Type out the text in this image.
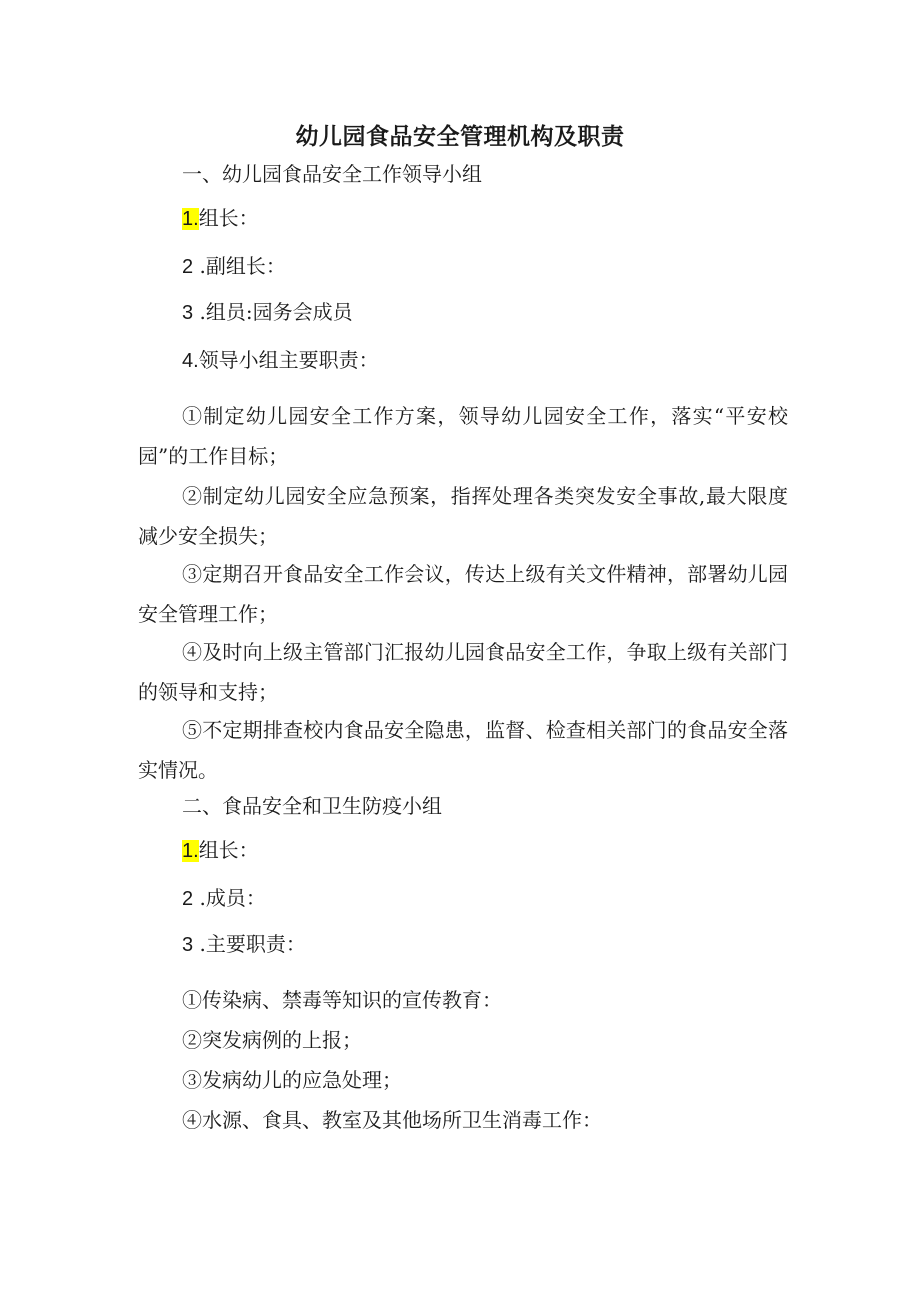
幼儿园食品安全管理机构及职责
一、幼儿园食品安全工作领导小组
1.组长：
2 .副组长：
3 .组员:园务会成员
4.领导小组主要职责：
①制定幼儿园安全工作方案，领导幼儿园安全工作，落实“平安校园”的工作目标；
②制定幼儿园安全应急预案，指挥处理各类突发安全事故,最大限度减少安全损失；
③定期召开食品安全工作会议，传达上级有关文件精神，部署幼儿园安全管理工作；
④及时向上级主管部门汇报幼儿园食品安全工作，争取上级有关部门的领导和支持；
⑤不定期排查校内食品安全隐患，监督、检查相关部门的食品安全落实情况。
二、食品安全和卫生防疫小组
1.组长：
2 .成员：
3 .主要职责：
①传染病、禁毒等知识的宣传教育：
②突发病例的上报；
③发病幼儿的应急处理；
④水源、食具、教室及其他场所卫生消毒工作：
